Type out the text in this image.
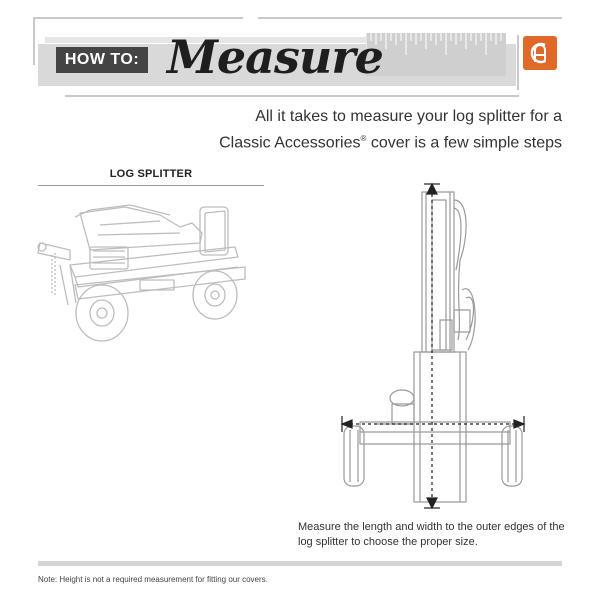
HOW TO: Measure
All it takes to measure your log splitter for a
Classic Accessories® cover is a few simple steps
LOG SPLITTER
Measure the length and width to the outer edges of the log splitter to choose the proper size.
Note: Height is not a required measurement for fitting our covers.
